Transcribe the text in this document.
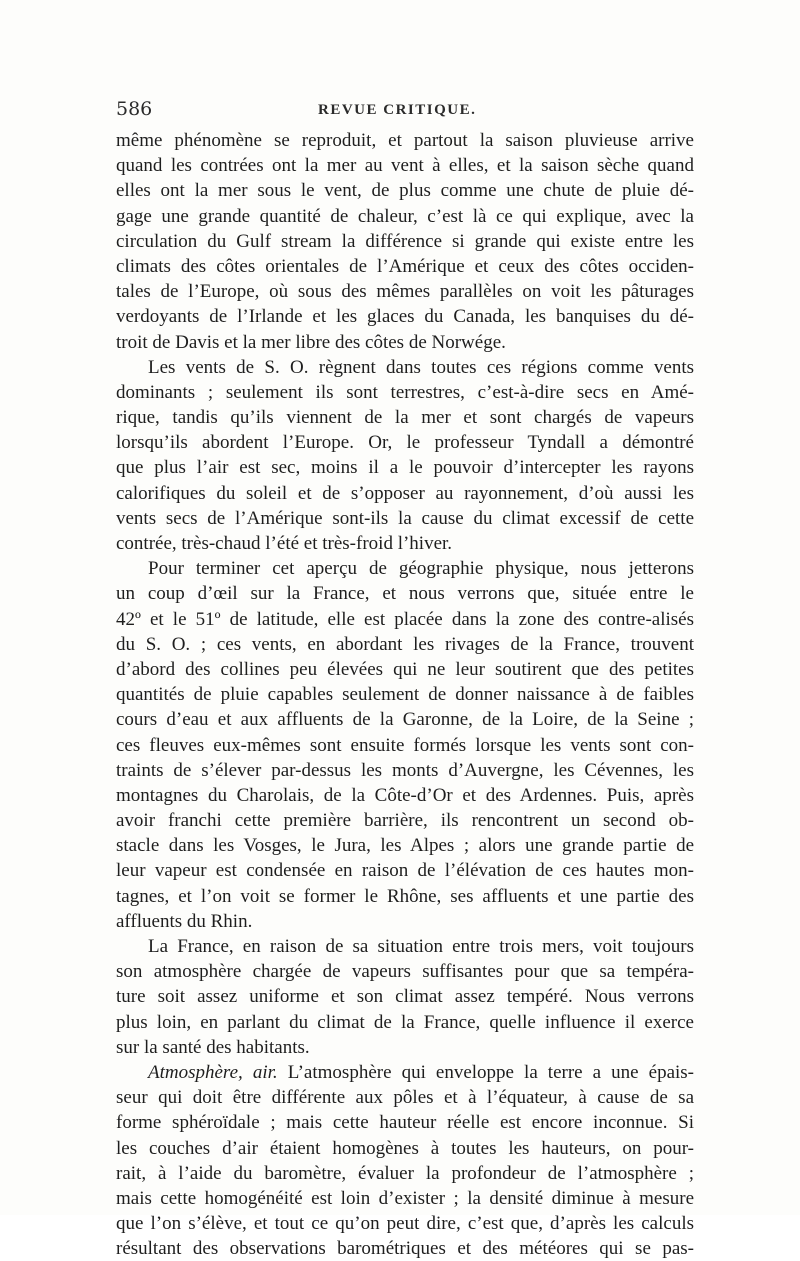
586	REVUE CRITIQUE.
même phénomène se reproduit, et partout la saison pluvieuse arrive
quand les contrées ont la mer au vent à elles, et la saison sèche quand
elles ont la mer sous le vent, de plus comme une chute de pluie dé-
gage une grande quantité de chaleur, c’est là ce qui explique, avec la
circulation du Gulf stream la différence si grande qui existe entre les
climats des côtes orientales de l’Amérique et ceux des côtes occiden-
tales de l’Europe, où sous des mêmes parallèles on voit les pâturages
verdoyants de l’Irlande et les glaces du Canada, les banquises du dé-
troit de Davis et la mer libre des côtes de Norwége.
Les vents de S. O. règnent dans toutes ces régions comme vents
dominants ; seulement ils sont terrestres, c’est-à-dire secs en Amé-
rique, tandis qu’ils viennent de la mer et sont chargés de vapeurs
lorsqu’ils abordent l’Europe. Or, le professeur Tyndall a démontré
que plus l’air est sec, moins il a le pouvoir d’intercepter les rayons
calorifiques du soleil et de s’opposer au rayonnement, d’où aussi les
vents secs de l’Amérique sont-ils la cause du climat excessif de cette
contrée, très-chaud l’été et très-froid l’hiver.
Pour terminer cet aperçu de géographie physique, nous jetterons
un coup d’œil sur la France, et nous verrons que, située entre le
42º et le 51º de latitude, elle est placée dans la zone des contre-alisés
du S. O. ; ces vents, en abordant les rivages de la France, trouvent
d’abord des collines peu élevées qui ne leur soutirent que des petites
quantités de pluie capables seulement de donner naissance à de faibles
cours d’eau et aux affluents de la Garonne, de la Loire, de la Seine ;
ces fleuves eux-mêmes sont ensuite formés lorsque les vents sont con-
traints de s’élever par-dessus les monts d’Auvergne, les Cévennes, les
montagnes du Charolais, de la Côte-d’Or et des Ardennes. Puis, après
avoir franchi cette première barrière, ils rencontrent un second ob-
stacle dans les Vosges, le Jura, les Alpes ; alors une grande partie de
leur vapeur est condensée en raison de l’élévation de ces hautes mon-
tagnes, et l’on voit se former le Rhône, ses affluents et une partie des
affluents du Rhin.
La France, en raison de sa situation entre trois mers, voit toujours
son atmosphère chargée de vapeurs suffisantes pour que sa tempéra-
ture soit assez uniforme et son climat assez tempéré. Nous verrons
plus loin, en parlant du climat de la France, quelle influence il exerce
sur la santé des habitants.
Atmosphère, air. L’atmosphère qui enveloppe la terre a une épais-
seur qui doit être différente aux pôles et à l’équateur, à cause de sa
forme sphéroïdale ; mais cette hauteur réelle est encore inconnue. Si
les couches d’air étaient homogènes à toutes les hauteurs, on pour-
rait, à l’aide du baromètre, évaluer la profondeur de l’atmosphère ;
mais cette homogénéité est loin d’exister ; la densité diminue à mesure
que l’on s’élève, et tout ce qu’on peut dire, c’est que, d’après les calculs
résultant des observations barométriques et des météores qui se pas-
